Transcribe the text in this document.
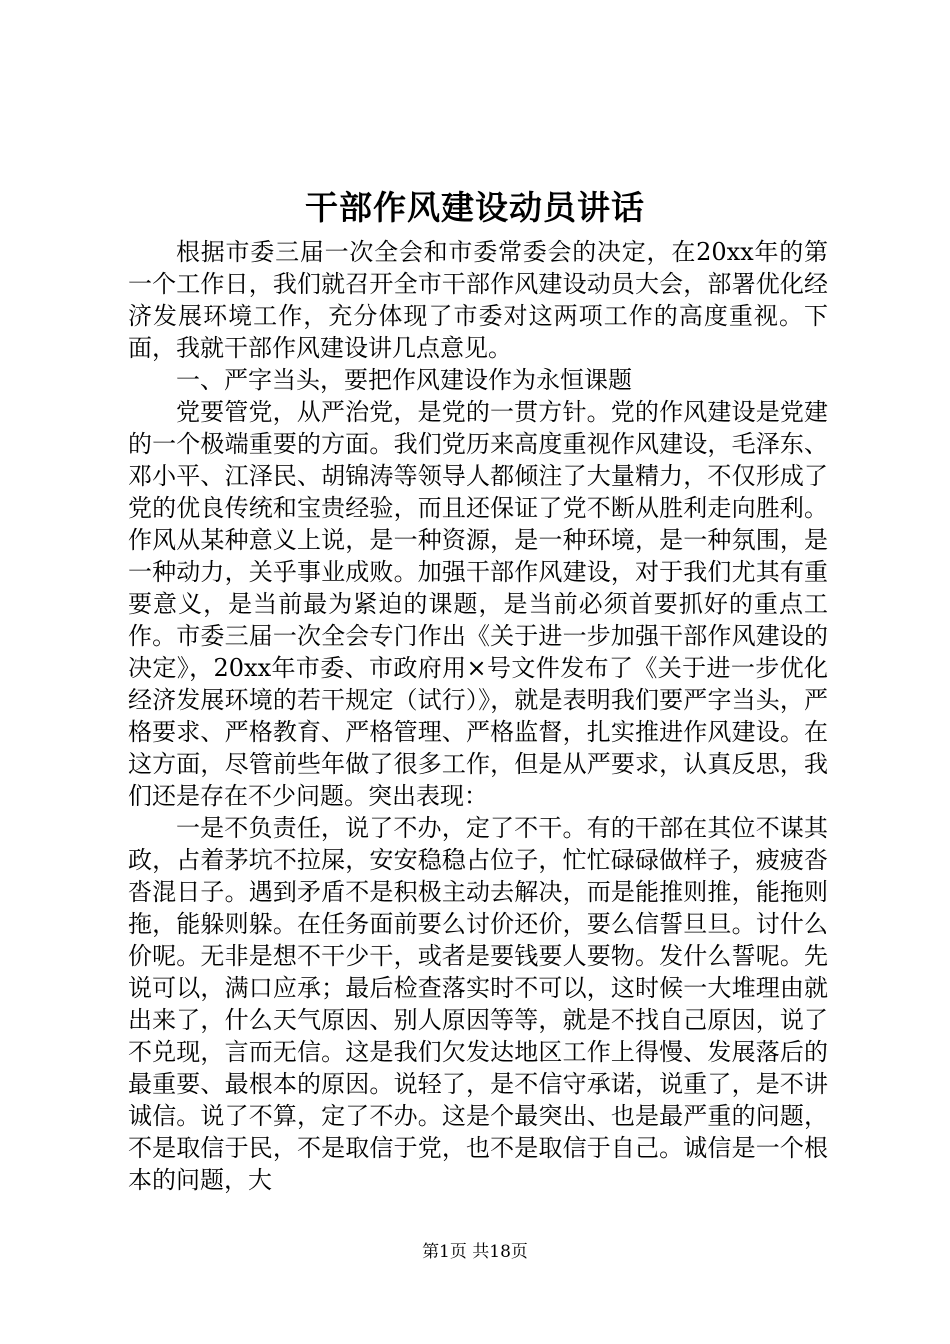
干部作风建设动员讲话

根据市委三届一次全会和市委常委会的决定，在20xx年的第一个工作日，我们就召开全市干部作风建设动员大会，部署优化经济发展环境工作，充分体现了市委对这两项工作的高度重视。下面，我就干部作风建设讲几点意见。

一、严字当头，要把作风建设作为永恒课题

党要管党，从严治党，是党的一贯方针。党的作风建设是党建的一个极端重要的方面。我们党历来高度重视作风建设，毛泽东、邓小平、江泽民、胡锦涛等领导人都倾注了大量精力，不仅形成了党的优良传统和宝贵经验，而且还保证了党不断从胜利走向胜利。作风从某种意义上说，是一种资源，是一种环境，是一种氛围，是一种动力，关乎事业成败。加强干部作风建设，对于我们尤其有重要意义，是当前最为紧迫的课题，是当前必须首要抓好的重点工作。市委三届一次全会专门作出《关于进一步加强干部作风建设的决定》，20xx年市委、市政府用×号文件发布了《关于进一步优化经济发展环境的若干规定（试行）》，就是表明我们要严字当头，严格要求、严格教育、严格管理、严格监督，扎实推进作风建设。在这方面，尽管前些年做了很多工作，但是从严要求，认真反思，我们还是存在不少问题。突出表现：

一是不负责任，说了不办，定了不干。有的干部在其位不谋其政，占着茅坑不拉屎，安安稳稳占位子，忙忙碌碌做样子，疲疲沓沓混日子。遇到矛盾不是积极主动去解决，而是能推则推，能拖则拖，能躲则躲。在任务面前要么讨价还价，要么信誓旦旦。讨什么价呢。无非是想不干少干，或者是要钱要人要物。发什么誓呢。先说可以，满口应承；最后检查落实时不可以，这时候一大堆理由就出来了，什么天气原因、别人原因等等，就是不找自己原因，说了不兑现，言而无信。这是我们欠发达地区工作上得慢、发展落后的最重要、最根本的原因。说轻了，是不信守承诺，说重了，是不讲诚信。说了不算，定了不办。这是个最突出、也是最严重的问题，不是取信于民，不是取信于党，也不是取信于自己。诚信是一个根本的问题，大

第1页 共18页
